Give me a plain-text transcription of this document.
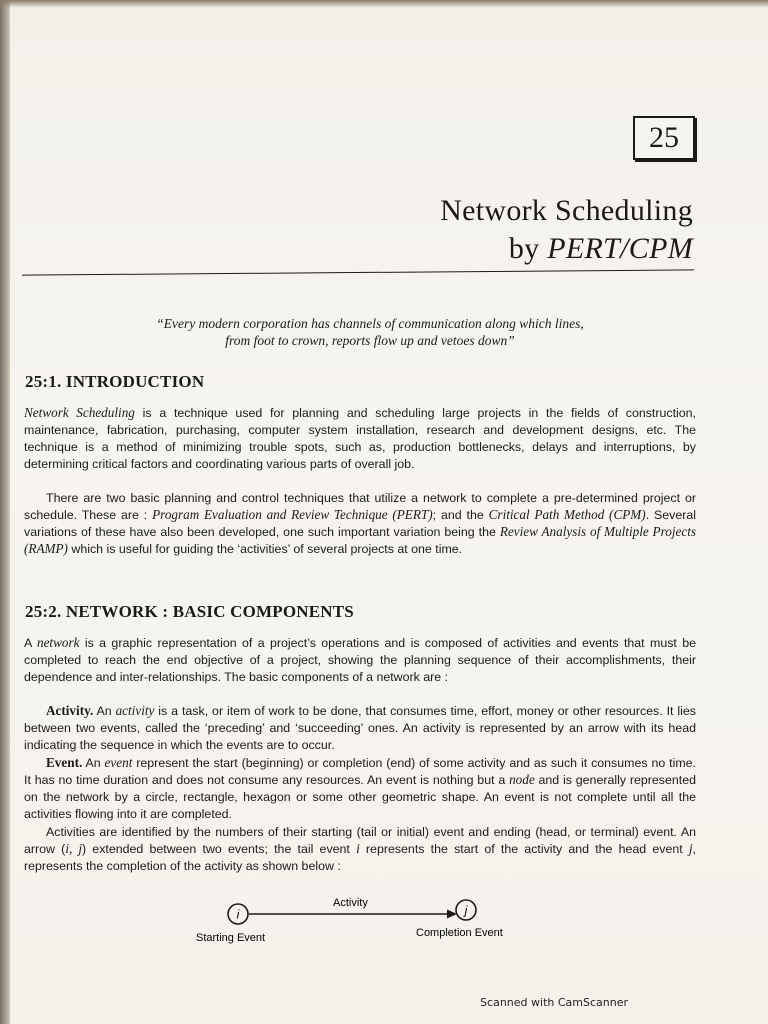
25
Network Scheduling
by PERT/CPM
“Every modern corporation has channels of communication along which lines,
from foot to crown, reports flow up and vetoes down”
25:1. INTRODUCTION
Network Scheduling is a technique used for planning and scheduling large projects in the fields of construction, maintenance, fabrication, purchasing, computer system installation, research and development designs, etc. The technique is a method of minimizing trouble spots, such as, production bottlenecks, delays and interruptions, by determining critical factors and coordinating various parts of overall job.
There are two basic planning and control techniques that utilize a network to complete a pre-determined project or schedule. These are : Program Evaluation and Review Technique (PERT); and the Critical Path Method (CPM). Several variations of these have also been developed, one such important variation being the Review Analysis of Multiple Projects (RAMP) which is useful for guiding the ‘activities’ of several projects at one time.
25:2. NETWORK : BASIC COMPONENTS
A network is a graphic representation of a project’s operations and is composed of activities and events that must be completed to reach the end objective of a project, showing the planning sequence of their accomplishments, their dependence and inter-relationships. The basic components of a network are :
Activity. An activity is a task, or item of work to be done, that consumes time, effort, money or other resources. It lies between two events, called the ‘preceding’ and ‘succeeding’ ones. An activity is represented by an arrow with its head indicating the sequence in which the events are to occur.
Event. An event represent the start (beginning) or completion (end) of some activity and as such it consumes no time. It has no time duration and does not consume any resources. An event is nothing but a node and is generally represented on the network by a circle, rectangle, hexagon or some other geometric shape. An event is not complete until all the activities flowing into it are completed.
Activities are identified by the numbers of their starting (tail or initial) event and ending (head, or terminal) event. An arrow (i, j) extended between two events; the tail event i represents the start of the activity and the head event j, represents the completion of the activity as shown below :
Activity
i	j
Starting Event	Completion Event
Scanned with CamScanner
